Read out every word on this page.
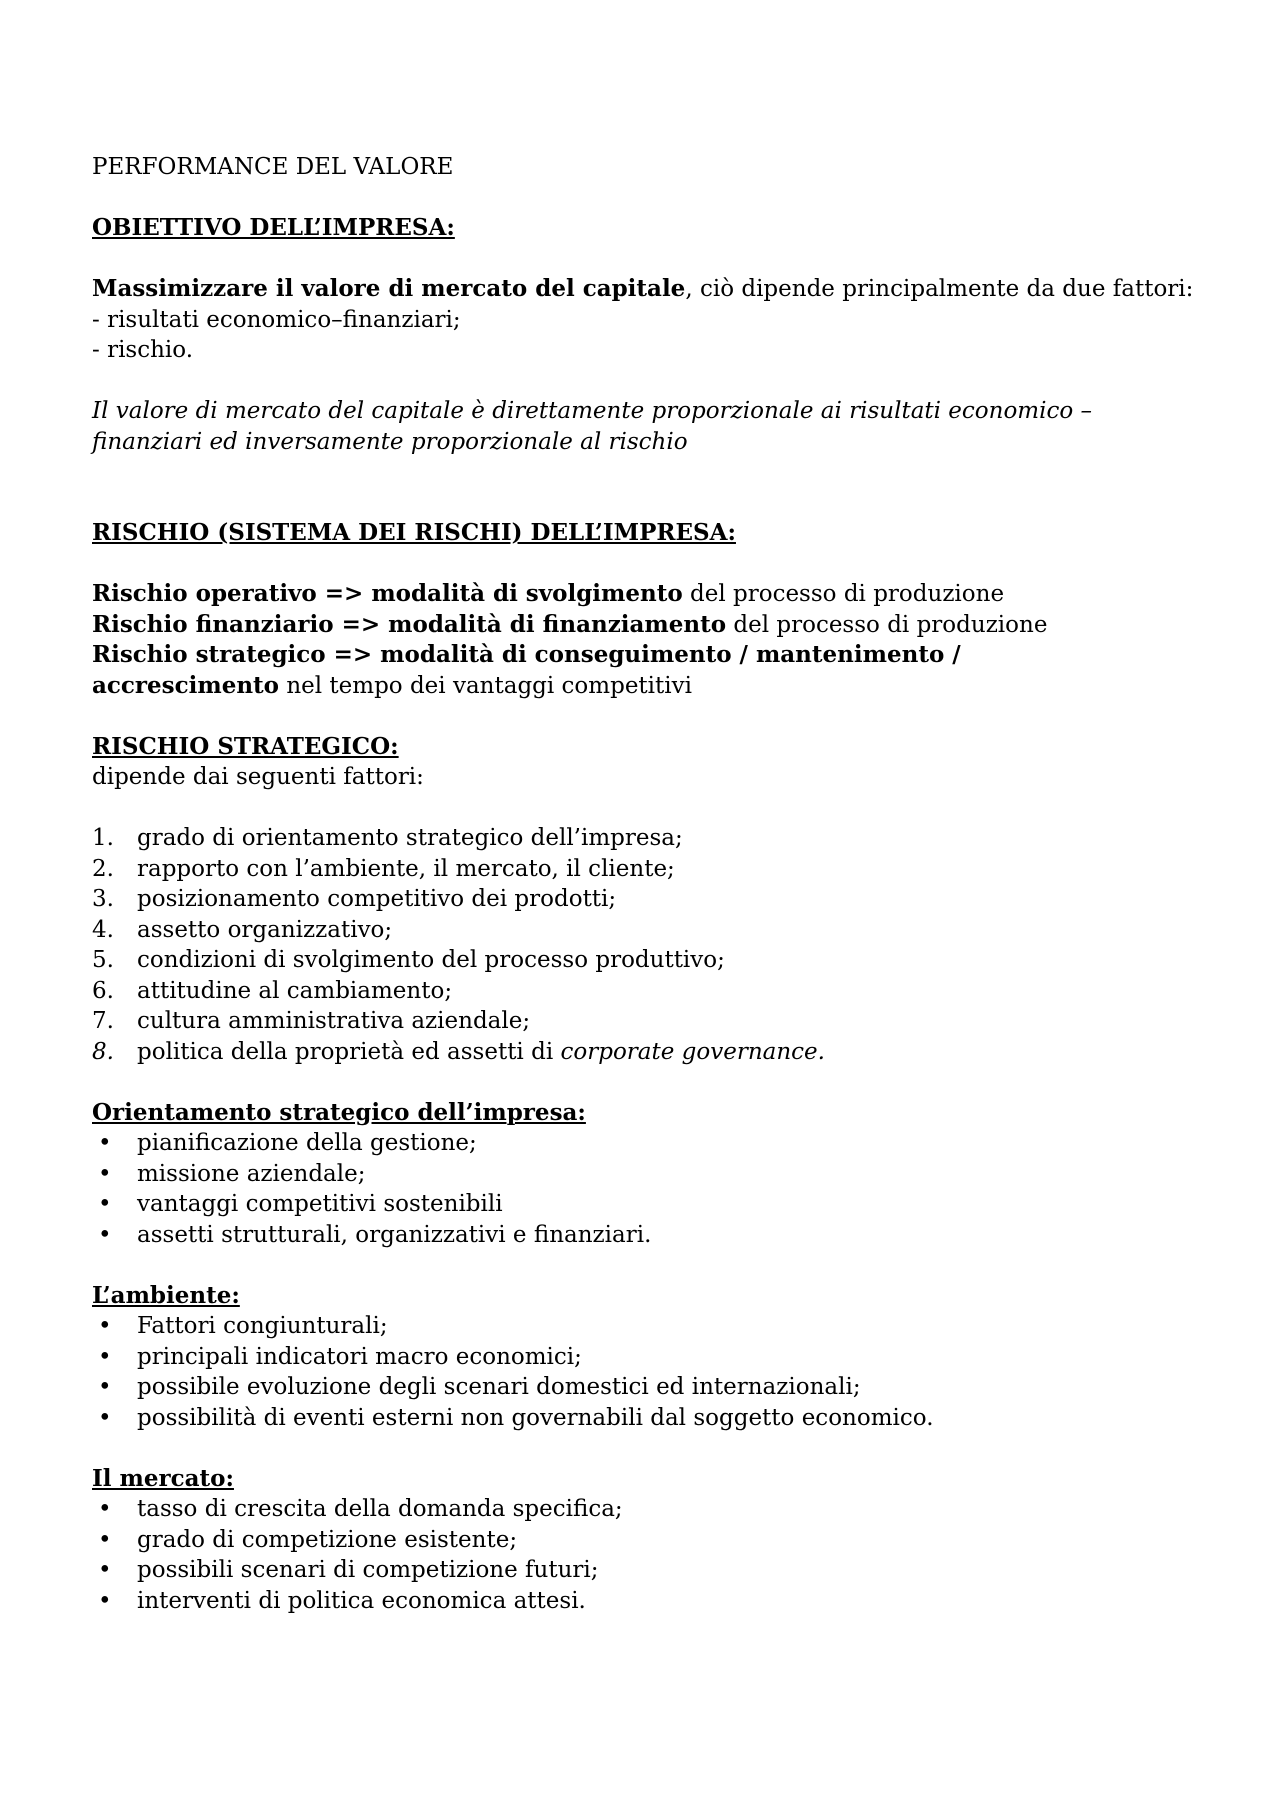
PERFORMANCE DEL VALORE

OBIETTIVO DELL’IMPRESA:

Massimizzare il valore di mercato del capitale, ciò dipende principalmente da due fattori:

- risultati economico–finanziari;

- rischio.

Il valore di mercato del capitale è direttamente proporzionale ai risultati economico – finanziari ed inversamente proporzionale al rischio

RISCHIO (SISTEMA DEI RISCHI) DELL’IMPRESA:

Rischio operativo => modalità di svolgimento del processo di produzione

Rischio finanziario => modalità di finanziamento del processo di produzione

Rischio strategico => modalità di conseguimento / mantenimento / accrescimento nel tempo dei vantaggi competitivi

RISCHIO STRATEGICO:

dipende dai seguenti fattori:

1. grado di orientamento strategico dell’impresa;

2. rapporto con l’ambiente, il mercato, il cliente;

3. posizionamento competitivo dei prodotti;

4. assetto organizzativo;

5. condizioni di svolgimento del processo produttivo;

6. attitudine al cambiamento;

7. cultura amministrativa aziendale;

8. politica della proprietà ed assetti di corporate governance.

Orientamento strategico dell’impresa:

• pianificazione della gestione;

• missione aziendale;

• vantaggi competitivi sostenibili

• assetti strutturali, organizzativi e finanziari.

L’ambiente:

• Fattori congiunturali;

• principali indicatori macro economici;

• possibile evoluzione degli scenari domestici ed internazionali;

• possibilità di eventi esterni non governabili dal soggetto economico.

Il mercato:

• tasso di crescita della domanda specifica;

• grado di competizione esistente;

• possibili scenari di competizione futuri;

• interventi di politica economica attesi.
